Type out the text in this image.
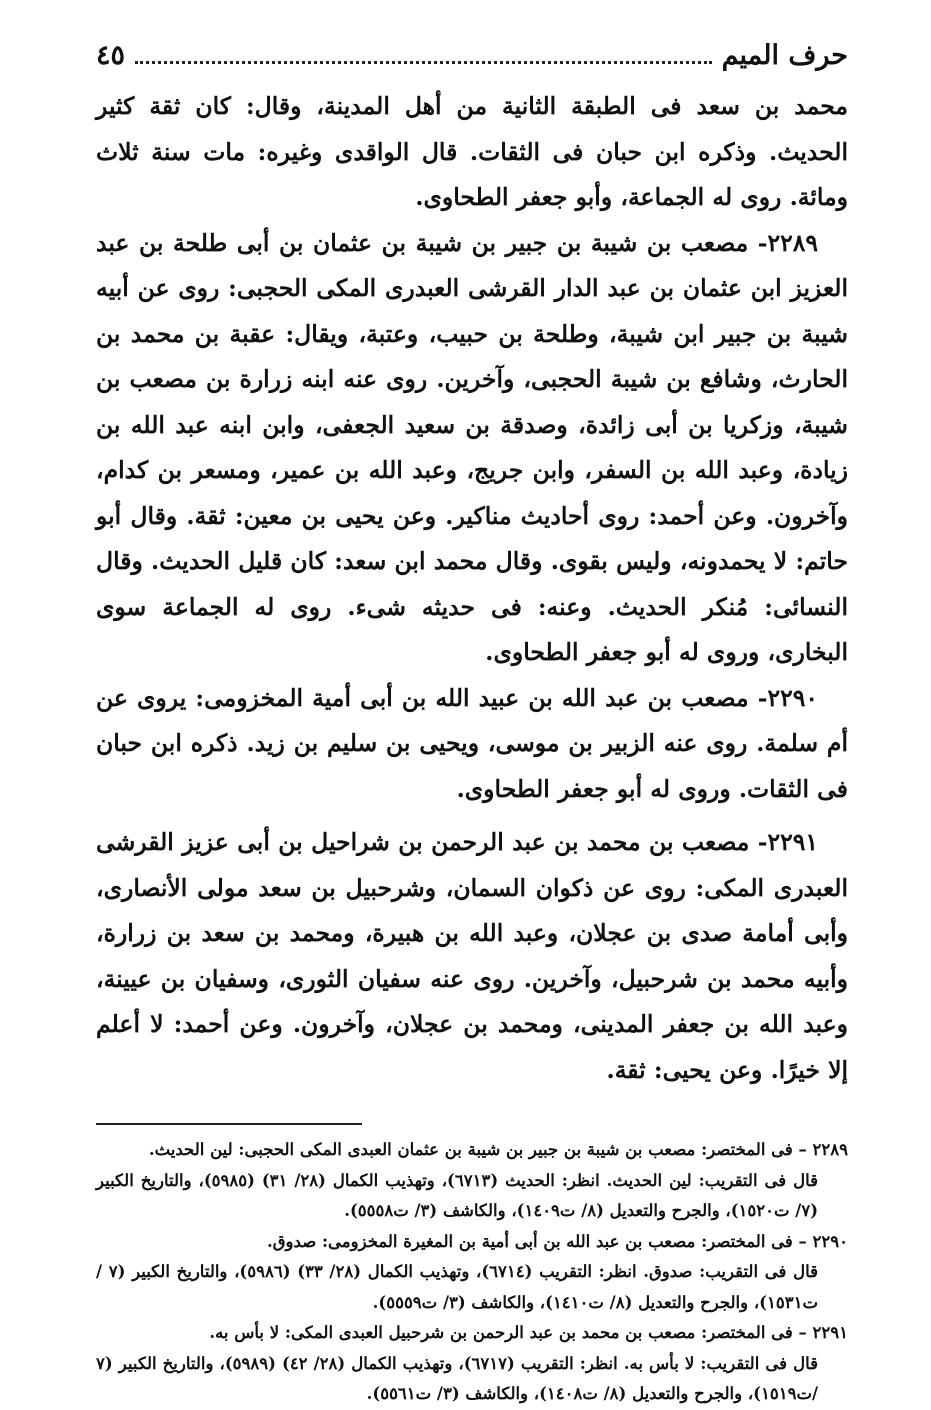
حرف الميم
٤٥

محمد بن سعد فى الطبقة الثانية من أهل المدينة، وقال: كان ثقة كثير الحديث. وذكره ابن حبان فى الثقات. قال الواقدى وغيره: مات سنة ثلاث ومائة. روى له الجماعة، وأبو جعفر الطحاوى.

٢٢٨٩- مصعب بن شيبة بن جبير بن شيبة بن عثمان بن أبى طلحة بن عبد العزيز ابن عثمان بن عبد الدار القرشى العبدرى المكى الحجبى: روى عن أبيه شيبة بن جبير ابن شيبة، وطلحة بن حبيب، وعتبة، ويقال: عقبة بن محمد بن الحارث، وشافع بن شيبة الحجبى، وآخرين. روى عنه ابنه زرارة بن مصعب بن شيبة، وزكريا بن أبى زائدة، وصدقة بن سعيد الجعفى، وابن ابنه عبد الله بن زيادة، وعبد الله بن السفر، وابن جريج، وعبد الله بن عمير، ومسعر بن كدام، وآخرون. وعن أحمد: روى أحاديث مناكير. وعن يحيى بن معين: ثقة. وقال أبو حاتم: لا يحمدونه، وليس بقوى. وقال محمد ابن سعد: كان قليل الحديث. وقال النسائى: مُنكر الحديث. وعنه: فى حديثه شىء. روى له الجماعة سوى البخارى، وروى له أبو جعفر الطحاوى.

٢٢٩٠- مصعب بن عبد الله بن عبيد الله بن أبى أمية المخزومى: يروى عن أم سلمة. روى عنه الزبير بن موسى، ويحيى بن سليم بن زيد. ذكره ابن حبان فى الثقات. وروى له أبو جعفر الطحاوى.

٢٢٩١- مصعب بن محمد بن عبد الرحمن بن شراحيل بن أبى عزيز القرشى العبدرى المكى: روى عن ذكوان السمان، وشرحبيل بن سعد مولى الأنصارى، وأبى أمامة صدى بن عجلان، وعبد الله بن هبيرة، ومحمد بن سعد بن زرارة، وأبيه محمد بن شرحبيل، وآخرين. روى عنه سفيان الثورى، وسفيان بن عيينة، وعبد الله بن جعفر المدينى، ومحمد بن عجلان، وآخرون. وعن أحمد: لا أعلم إلا خيرًا. وعن يحيى: ثقة.

٢٢٨٩ – فى المختصر: مصعب بن شيبة بن جبير بن شيبة بن عثمان العبدى المكى الحجبى: لين الحديث.

قال فى التقريب: لين الحديث. انظر: الحديث (٦٧١٣)، وتهذيب الكمال (٢٨/ ٣١) (٥٩٨٥)، والتاريخ الكبير (٧/ ت١٥٢٠)، والجرح والتعديل (٨/ ت١٤٠٩)، والكاشف (٣/ ت٥٥٥٨).

٢٢٩٠ – فى المختصر: مصعب بن عبد الله بن أبى أمية بن المغيرة المخزومى: صدوق.

قال فى التقريب: صدوق. انظر: التقريب (٦٧١٤)، وتهذيب الكمال (٢٨/ ٣٣) (٥٩٨٦)، والتاريخ الكبير (٧ /ت١٥٣١)، والجرح والتعديل (٨/ ت١٤١٠)، والكاشف (٣/ ت٥٥٥٩).

٢٢٩١ – فى المختصر: مصعب بن محمد بن عبد الرحمن بن شرحبيل العبدى المكى: لا بأس به.

قال فى التقريب: لا بأس به. انظر: التقريب (٦٧١٧)، وتهذيب الكمال (٢٨/ ٤٢) (٥٩٨٩)، والتاريخ الكبير (٧ /ت١٥١٩)، والجرح والتعديل (٨/ ت١٤٠٨)، والكاشف (٣/ ت٥٥٦١).
